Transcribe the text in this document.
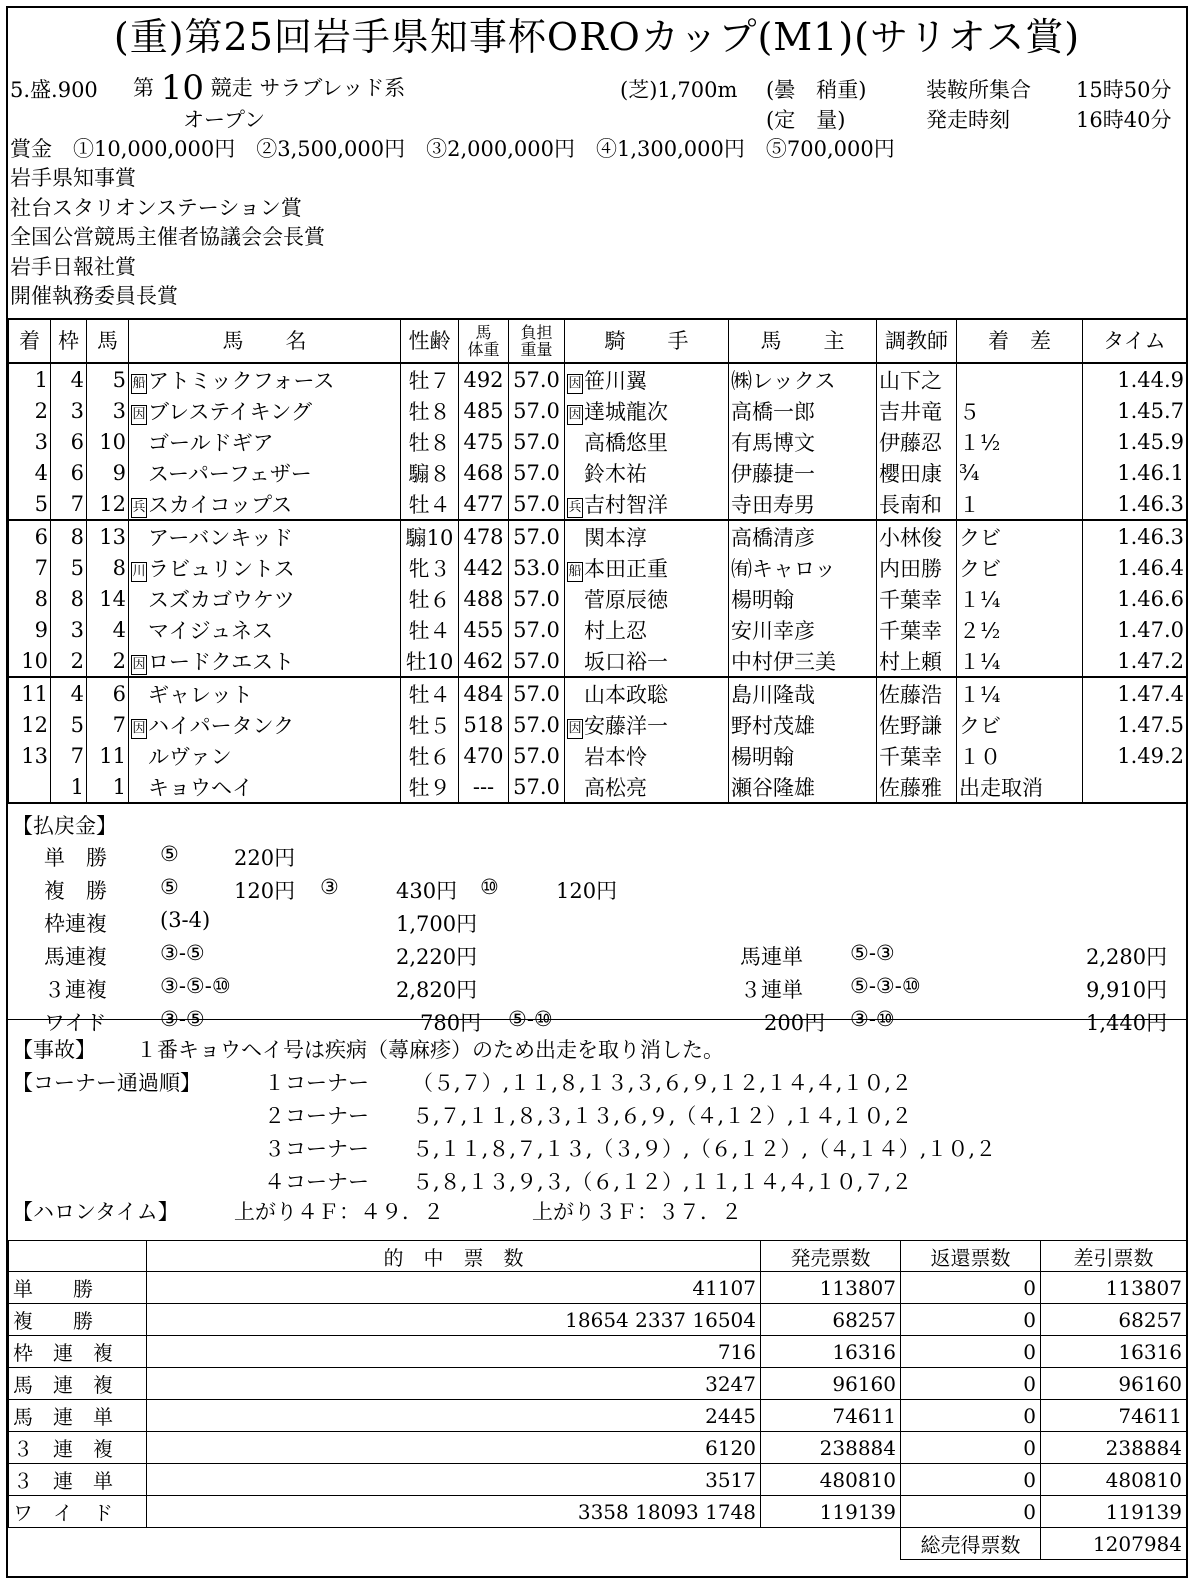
(重)第25回岩手県知事杯OROカップ(M1)(サリオス賞)
5.盛.900 第 10 競走 サラブレッド系
オープン
(芝)1,700m (曇　稍重)
(定　量)
装鞍所集合 15時50分
発走時刻	16時40分
賞金　①10,000,000円　②3,500,000円　③2,000,000円　④1,300,000円　⑤700,000円
岩手県知事賞
社台スタリオンステーション賞
全国公営競馬主催者協議会会長賞
岩手日報社賞
開催執務委員長賞
着	枠	馬	馬　　名	性齢	馬
体重	負担
重量	騎　　手	馬　　主	調教師	着　差	タイム
1	4	5	船 アトミックフォース	牡７	492	57.0	因 笹川翼	㈱レックス	山下之		1.44.9
2	3	3	因 ブレステイキング	牡８	485	57.0	因 達城龍次	高橋一郎	吉井竜	５	1.45.7
3	6	10	ゴールドギア	牡８	475	57.0	高橋悠里	有馬博文	伊藤忍	１½	1.45.9
4	6	9	スーパーフェザー	騸８	468	57.0	鈴木祐	伊藤捷一	櫻田康	¾	1.46.1
5	7	12	兵 スカイコップス	牡４	477	57.0	兵 吉村智洋	寺田寿男	長南和	１	1.46.3
6	8	13	アーバンキッド	騸10	478	57.0	関本淳	高橋清彦	小林俊	クビ	1.46.3
7	5	8	川 ラビュリントス	牝３	442	53.0	船 本田正重	㈲キャロッ	内田勝	クビ	1.46.4
8	8	14	スズカゴウケツ	牡６	488	57.0	菅原辰徳	楊明翰	千葉幸	１¼	1.46.6
9	3	4	マイジュネス	牡４	455	57.0	村上忍	安川幸彦	千葉幸	２½	1.47.0
10	2	2	因 ロードクエスト	牡10	462	57.0	坂口裕一	中村伊三美	村上頼	１¼	1.47.2
11	4	6	ギャレット	牡４	484	57.0	山本政聡	島川隆哉	佐藤浩	１¼	1.47.4
12	5	7	因 ハイパータンク	牡５	518	57.0	因 安藤洋一	野村茂雄	佐野謙	クビ	1.47.5
13	7	11	ルヴァン	牡６	470	57.0	岩本怜	楊明翰	千葉幸	１０	1.49.2
	1	1	キョウヘイ	牡９	---	57.0	高松亮	瀬谷隆雄	佐藤雅	出走取消	
【払戻金】
単　勝	⑤	220円
複　勝	⑤	120円 ③	430円 ⑩	120円
枠連複	(3-4)	1,700円
馬連複	③-⑤	2,220円	馬連単 ⑤-③	2,280円
３連複	③-⑤-⑩	2,820円	３連単 ⑤-③-⑩	9,910円
ワイド	③-⑤	780円 ⑤-⑩	200円 ③-⑩	1,440円
【事故】 １番キョウヘイ号は疾病（蕁麻疹）のため出走を取り消した。
【コーナー通過順】	１コーナー （５,７）,１１,８,１３,３,６,９,１２,１４,４,１０,２
２コーナー ５,７,１１,８,３,１３,６,９,（４,１２）,１４,１０,２
３コーナー ５,１１,８,７,１３,（３,９）,（６,１２）,（４,１４）,１０,２
４コーナー ５,８,１３,９,３,（６,１２）,１１,１４,４,１０,７,２
【ハロンタイム】	上がり４Ｆ：４９．２	上がり３Ｆ：３７．２
	的　中　票　数	発売票数	返還票数	差引票数
単　　勝	41107	113807	0	113807
複　　勝	18654 2337 16504	68257	0	68257
枠　連　複	716	16316	0	16316
馬　連　複	3247	96160	0	96160
馬　連　単	2445	74611	0	74611
３　連　複	6120	238884	0	238884
３　連　単	3517	480810	0	480810
ワ　イ　ド	3358 18093 1748	119139	0	119139
			総売得票数	1207984
